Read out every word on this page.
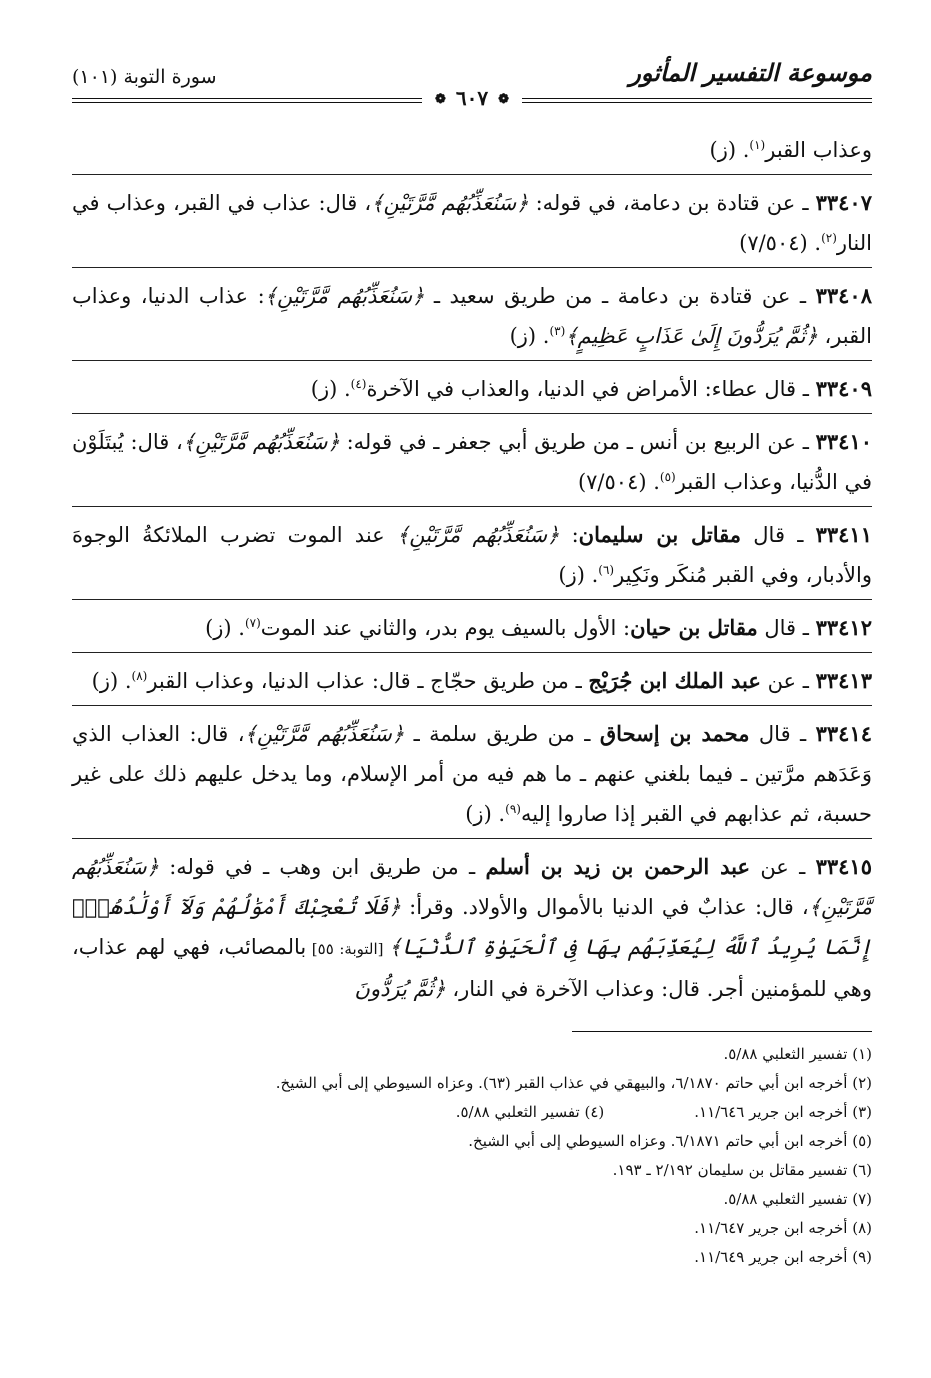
موسوعة التفسير المأثور
سورة التوبة (١٠١)
❁ ٦٠٧ ❁

وعذاب القبر$^{(١)}$. (ز)

٣٣٤٠٧ ـ عن قتادة بن دعامة، في قوله: ﴿سَنُعَذِّبُهُم مَّرَّتَيْنِ﴾، قال: عذاب في القبر، وعذاب في النار$^{(٢)}$. (٧/٥٠٤)

٣٣٤٠٨ ـ عن قتادة بن دعامة ـ من طريق سعيد ـ ﴿سَنُعَذِّبُهُم مَّرَّتَيْنِ﴾: عذاب الدنيا، وعذاب القبر، ﴿ثُمَّ يُرَدُّونَ إِلَىٰ عَذَابٍ عَظِيمٍ﴾$^{(٣)}$. (ز)

٣٣٤٠٩ ـ قال عطاء: الأمراض في الدنيا، والعذاب في الآخرة$^{(٤)}$. (ز)

٣٣٤١٠ ـ عن الربيع بن أنس ـ من طريق أبي جعفر ـ في قوله: ﴿سَنُعَذِّبُهُم مَّرَّتَيْنِ﴾، قال: يُبتَلَوْن في الدُّنيا، وعذاب القبر$^{(٥)}$. (٧/٥٠٤)

٣٣٤١١ ـ قال مقاتل بن سليمان: ﴿سَنُعَذِّبُهُم مَّرَّتَيْنِ﴾ عند الموت تضرب الملائكةُ الوجوهَ والأدبار، وفي القبر مُنكَر ونَكِير$^{(٦)}$. (ز)

٣٣٤١٢ ـ قال مقاتل بن حيان: الأول بالسيف يوم بدر، والثاني عند الموت$^{(٧)}$. (ز)

٣٣٤١٣ ـ عن عبد الملك ابن جُرَيْج ـ من طريق حجّاج ـ قال: عذاب الدنيا، وعذاب القبر$^{(٨)}$. (ز)

٣٣٤١٤ ـ قال محمد بن إسحاق ـ من طريق سلمة ـ ﴿سَنُعَذِّبُهُم مَّرَّتَيْنِ﴾، قال: العذاب الذي وَعَدَهم مرَّتين ـ فيما بلغني عنهم ـ ما هم فيه من أمر الإسلام، وما يدخل عليهم ذلك على غير حسبة، ثم عذابهم في القبر إذا صاروا إليه$^{(٩)}$. (ز)

٣٣٤١٥ ـ عن عبد الرحمن بن زيد بن أسلم ـ من طريق ابن وهب ـ في قوله: ﴿سَنُعَذِّبُهُم مَّرَّتَيْنِ﴾، قال: عذابٌ في الدنيا بالأموال والأولاد. وقرأ: ﴿فَلَا تُعْجِبْكَ أَمْوَٰلُهُمْ وَلَآ أَوْلَٰدُهُمْۚ إِنَّمَا يُرِيدُ ٱللَّهُ لِيُعَذِّبَهُم بِهَا فِى ٱلْحَيَوٰةِ ٱلدُّنْيَا﴾ [التوبة: ٥٥] بالمصائب، فهي لهم عذاب، وهي للمؤمنين أجر. قال: وعذاب الآخرة في النار، ﴿ثُمَّ يُرَدُّونَ

(١) تفسير الثعلبي ٥/٨٨.
(٢) أخرجه ابن أبي حاتم ٦/١٨٧٠، والبيهقي في عذاب القبر (٦٣). وعزاه السيوطي إلى أبي الشيخ.
(٣) أخرجه ابن جرير ١١/٦٤٦.
(٤) تفسير الثعلبي ٥/٨٨.
(٥) أخرجه ابن أبي حاتم ٦/١٨٧١. وعزاه السيوطي إلى أبي الشيخ.
(٦) تفسير مقاتل بن سليمان ٢/١٩٢ ـ ١٩٣.
(٧) تفسير الثعلبي ٥/٨٨.
(٨) أخرجه ابن جرير ١١/٦٤٧.
(٩) أخرجه ابن جرير ١١/٦٤٩.
